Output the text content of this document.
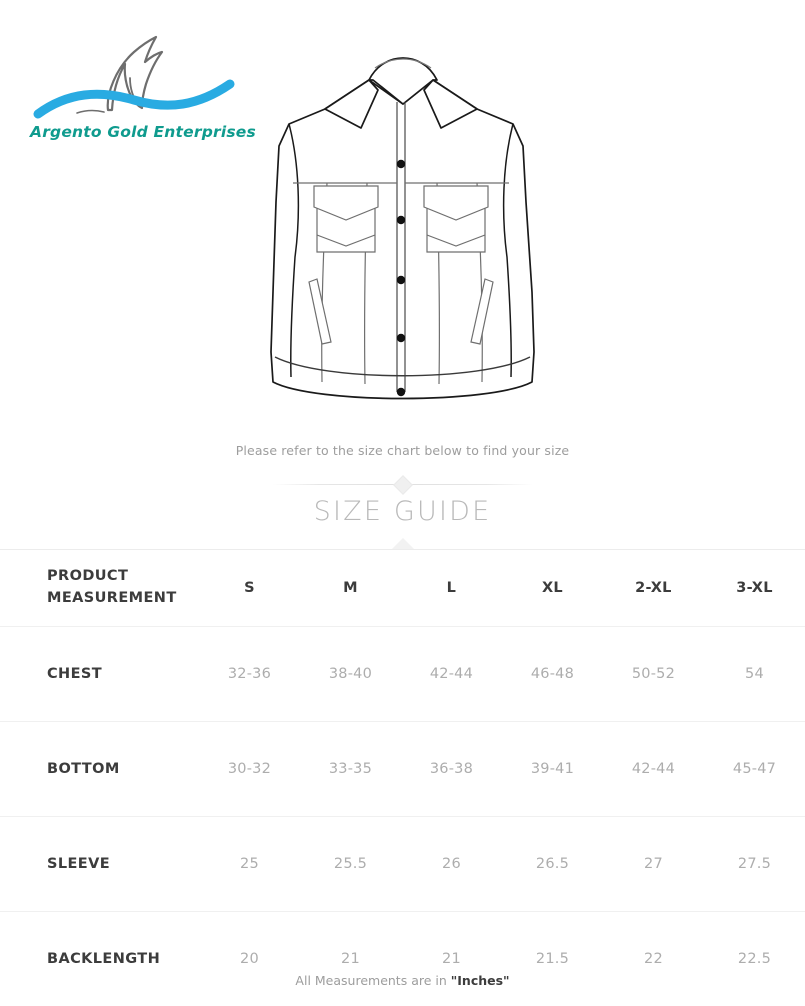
Argento Gold Enterprises
Please refer to the size chart below to find your size
SIZE GUIDE
PRODUCT
MEASUREMENT	S	M	L	XL	2-XL	3-XL
CHEST	32-36	38-40	42-44	46-48	50-52	54
BOTTOM	30-32	33-35	36-38	39-41	42-44	45-47
SLEEVE	25	25.5	26	26.5	27	27.5
BACKLENGTH	20	21	21	21.5	22	22.5
All Measurements are in "Inches"
